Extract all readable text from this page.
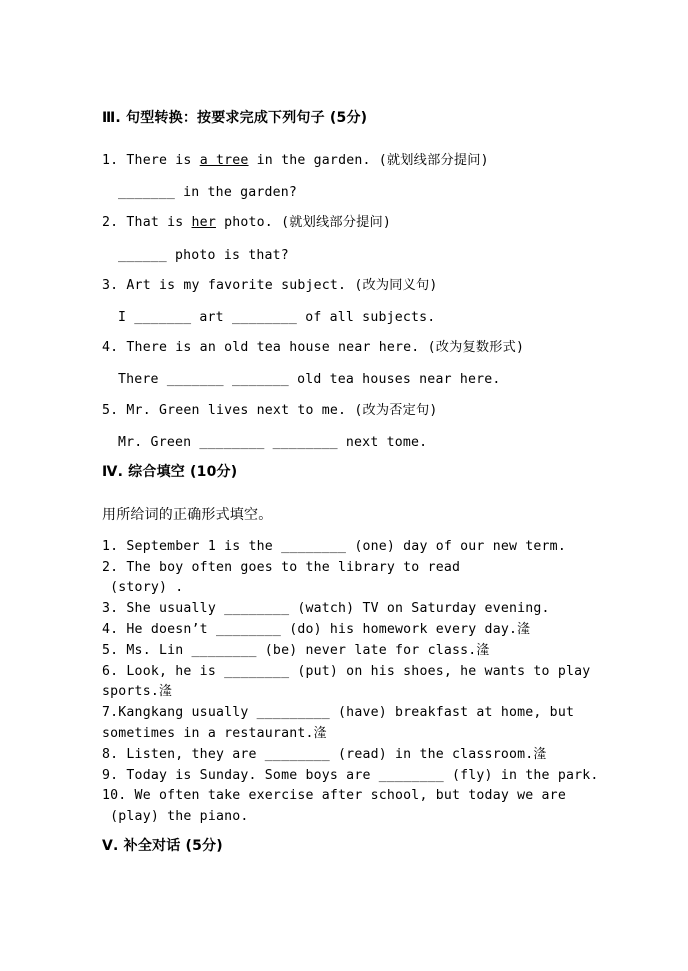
Ⅲ. 句型转换：按要求完成下列句子 (5分)
1. There is a tree in the garden. (就划线部分提问)
_______ in the garden?
2. That is her photo. (就划线部分提问)
______ photo is that?
3. Art is my favorite subject. (改为同义句)
I _______ art ________ of all subjects.
4. There is an old tea house near here. (改为复数形式)
There _______ _______ old tea houses near here.
5. Mr. Green lives next to me. (改为否定句)
Mr. Green ________ ________ next tome.
Ⅳ. 综合填空 (10分)
用所给词的正确形式填空。
1. September 1 is the ________ (one) day of our new term.
2. The boy often goes to the library to read
(story) .
3. She usually ________ (watch) TV on Saturday evening.
4. He doesn’t ________ (do) his homework every day.湰
5. Ms. Lin ________ (be) never late for class.湰
6. Look, he is ________ (put) on his shoes, he wants to play
sports.湰
7.Kangkang usually _________ (have) breakfast at home, but
sometimes in a restaurant.湰
8. Listen, they are ________ (read) in the classroom.湰
9. Today is Sunday. Some boys are ________ (fly) in the park.
10. We often take exercise after school, but today we are
(play) the piano.
Ⅴ. 补全对话 (5分)
